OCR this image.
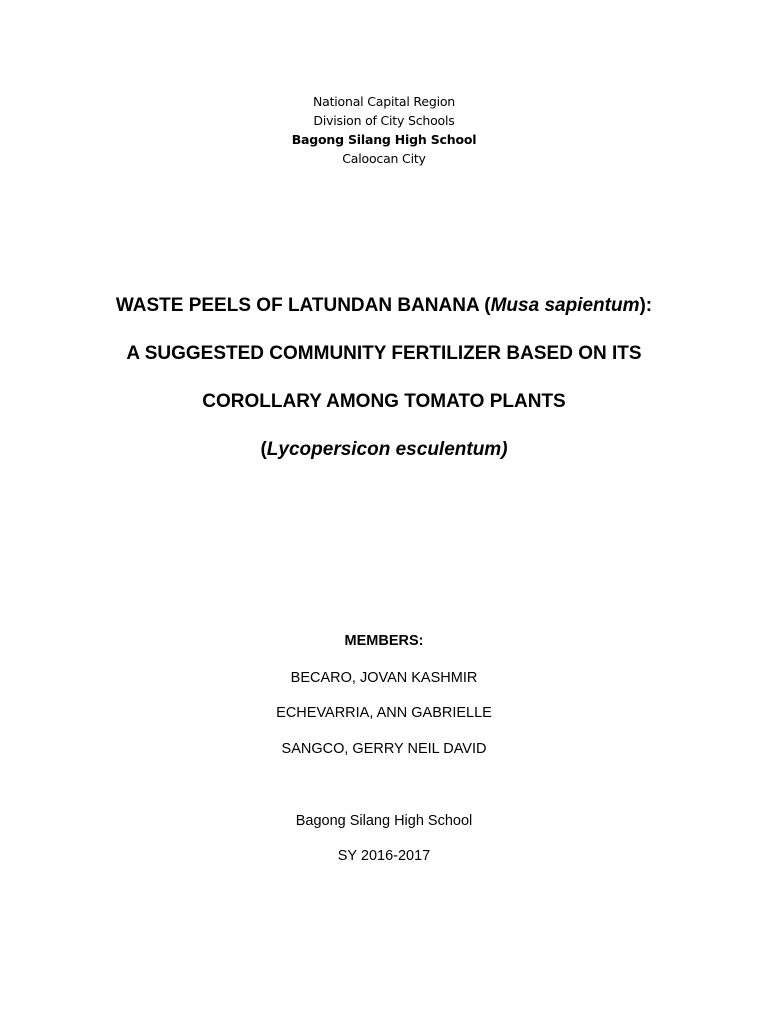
National Capital Region
Division of City Schools
Bagong Silang High School
Caloocan City
WASTE PEELS OF LATUNDAN BANANA (Musa sapientum):
A SUGGESTED COMMUNITY FERTILIZER BASED ON ITS
COROLLARY AMONG TOMATO PLANTS
(Lycopersicon esculentum)
MEMBERS:
BECARO, JOVAN KASHMIR
ECHEVARRIA, ANN GABRIELLE
SANGCO, GERRY NEIL DAVID
Bagong Silang High School
SY 2016-2017
